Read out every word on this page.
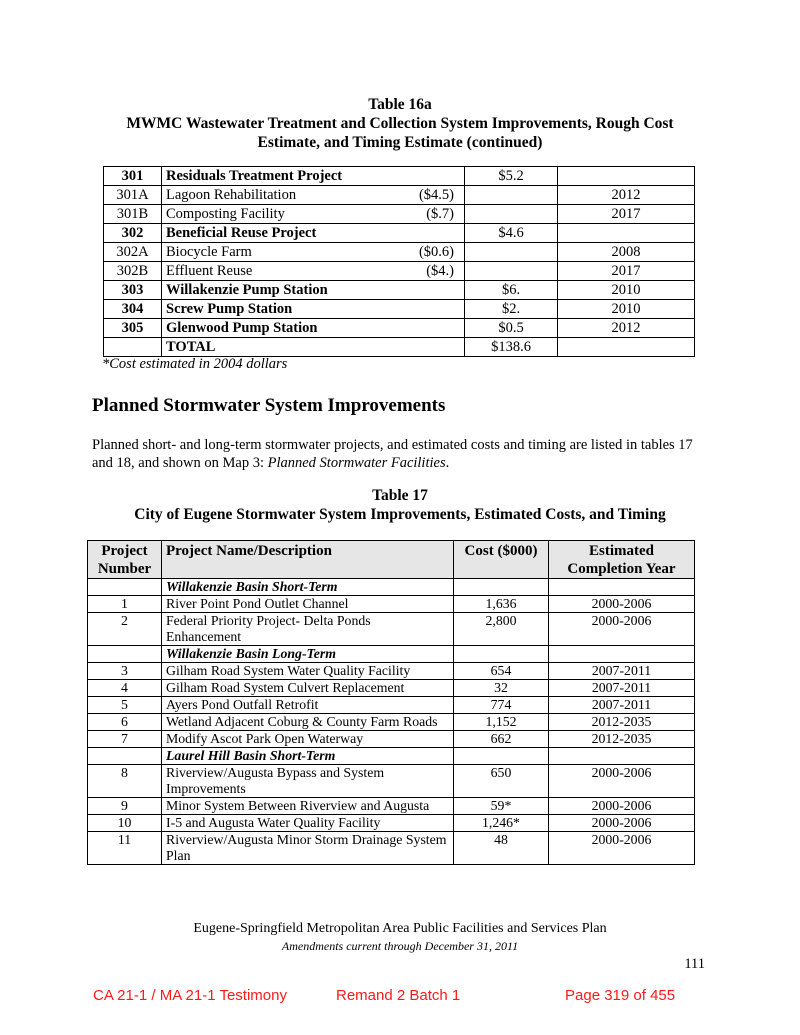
Table 16a
MWMC Wastewater Treatment and Collection System Improvements, Rough Cost
Estimate, and Timing Estimate (continued)
301	Residuals Treatment Project	$5.2	
301A	Lagoon Rehabilitation ($4.5)		2012
301B	Composting Facility ($.7)		2017
302	Beneficial Reuse Project	$4.6	
302A	Biocycle Farm ($0.6)		2008
302B	Effluent Reuse ($4.)		2017
303	Willakenzie Pump Station	$6.	2010
304	Screw Pump Station	$2.	2010
305	Glenwood Pump Station	$0.5	2012
	TOTAL	$138.6	
*Cost estimated in 2004 dollars
Planned Stormwater System Improvements
Planned short- and long-term stormwater projects, and estimated costs and timing are listed in tables 17 and 18, and shown on Map 3: Planned Stormwater Facilities.
Table 17
City of Eugene Stormwater System Improvements, Estimated Costs, and Timing
Project Number	Project Name/Description	Cost ($000)	Estimated Completion Year
	Willakenzie Basin Short-Term		
1	River Point Pond Outlet Channel	1,636	2000-2006
2	Federal Priority Project- Delta Ponds Enhancement	2,800	2000-2006
	Willakenzie Basin Long-Term		
3	Gilham Road System Water Quality Facility	654	2007-2011
4	Gilham Road System Culvert Replacement	32	2007-2011
5	Ayers Pond Outfall Retrofit	774	2007-2011
6	Wetland Adjacent Coburg & County Farm Roads	1,152	2012-2035
7	Modify Ascot Park Open Waterway	662	2012-2035
	Laurel Hill Basin Short-Term		
8	Riverview/Augusta Bypass and System Improvements	650	2000-2006
9	Minor System Between Riverview and Augusta	59*	2000-2006
10	I-5 and Augusta Water Quality Facility	1,246*	2000-2006
11	Riverview/Augusta Minor Storm Drainage System Plan	48	2000-2006
Eugene-Springfield Metropolitan Area Public Facilities and Services Plan
Amendments current through December 31, 2011
111
CA 21-1 / MA 21-1 Testimony	Remand 2 Batch 1	Page 319 of 455
